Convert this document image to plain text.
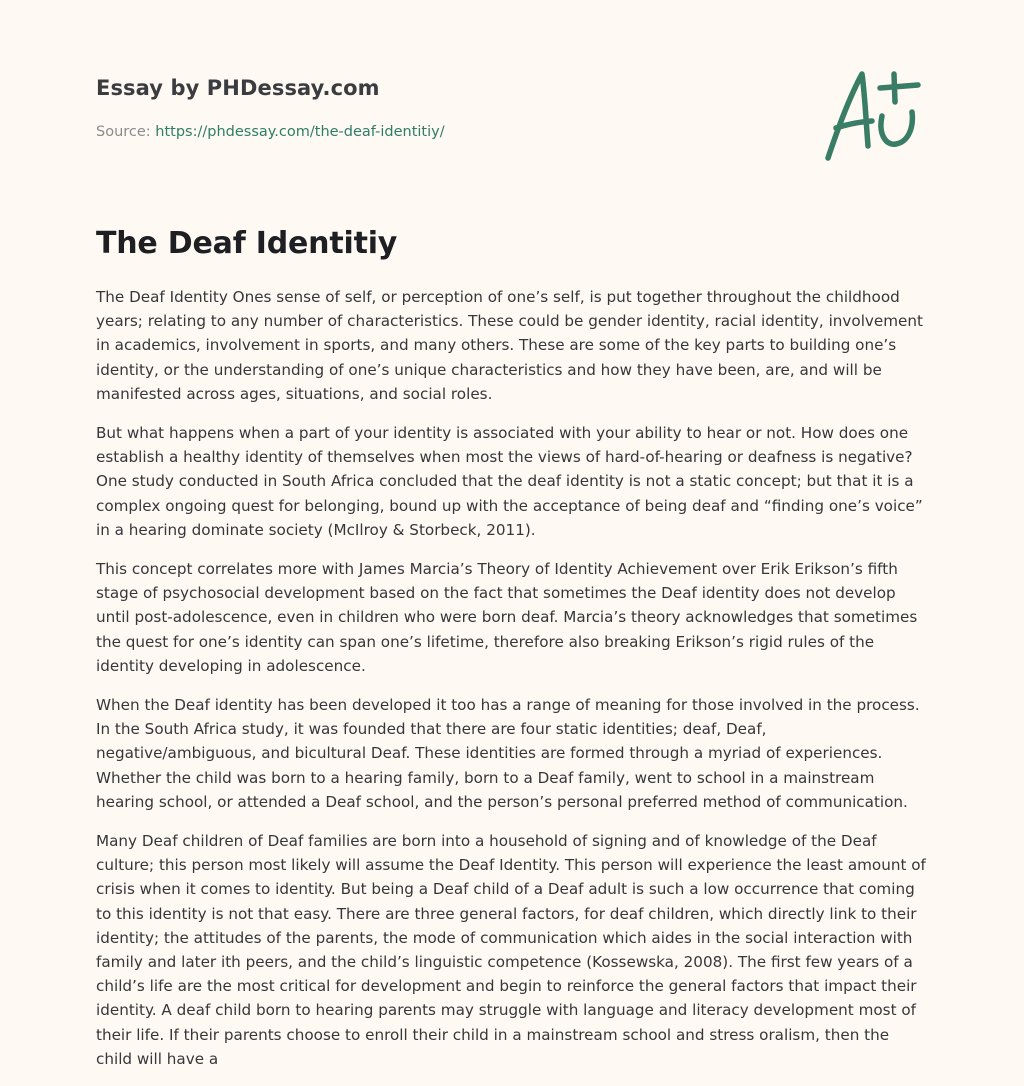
Essay by PHDessay.com
Source: https://phdessay.com/the-deaf-identitiy/
The Deaf Identitiy

The Deaf Identity Ones sense of self, or perception of one’s self, is put together throughout the childhood years; relating to any number of characteristics. These could be gender identity, racial identity, involvement in academics, involvement in sports, and many others. These are some of the key parts to building one’s identity, or the understanding of one’s unique characteristics and how they have been, are, and will be manifested across ages, situations, and social roles.

But what happens when a part of your identity is associated with your ability to hear or not. How does one establish a healthy identity of themselves when most the views of hard-of-hearing or deafness is negative? One study conducted in South Africa concluded that the deaf identity is not a static concept; but that it is a complex ongoing quest for belonging, bound up with the acceptance of being deaf and “finding one’s voice” in a hearing dominate society (McIlroy & Storbeck, 2011).

This concept correlates more with James Marcia’s Theory of Identity Achievement over Erik Erikson’s fifth stage of psychosocial development based on the fact that sometimes the Deaf identity does not develop until post-adolescence, even in children who were born deaf. Marcia’s theory acknowledges that sometimes the quest for one’s identity can span one’s lifetime, therefore also breaking Erikson’s rigid rules of the identity developing in adolescence.

When the Deaf identity has been developed it too has a range of meaning for those involved in the process. In the South Africa study, it was founded that there are four static identities; deaf, Deaf, negative/ambiguous, and bicultural Deaf. These identities are formed through a myriad of experiences. Whether the child was born to a hearing family, born to a Deaf family, went to school in a mainstream hearing school, or attended a Deaf school, and the person’s personal preferred method of communication.

Many Deaf children of Deaf families are born into a household of signing and of knowledge of the Deaf culture; this person most likely will assume the Deaf Identity. This person will experience the least amount of crisis when it comes to identity. But being a Deaf child of a Deaf adult is such a low occurrence that coming to this identity is not that easy. There are three general factors, for deaf children, which directly link to their identity; the attitudes of the parents, the mode of communication which aides in the social interaction with family and later ith peers, and the child’s linguistic competence (Kossewska, 2008). The first few years of a child’s life are the most critical for development and begin to reinforce the general factors that impact their identity. A deaf child born to hearing parents may struggle with language and literacy development most of their life. If their parents choose to enroll their child in a mainstream school and stress oralism, then the child will have a
